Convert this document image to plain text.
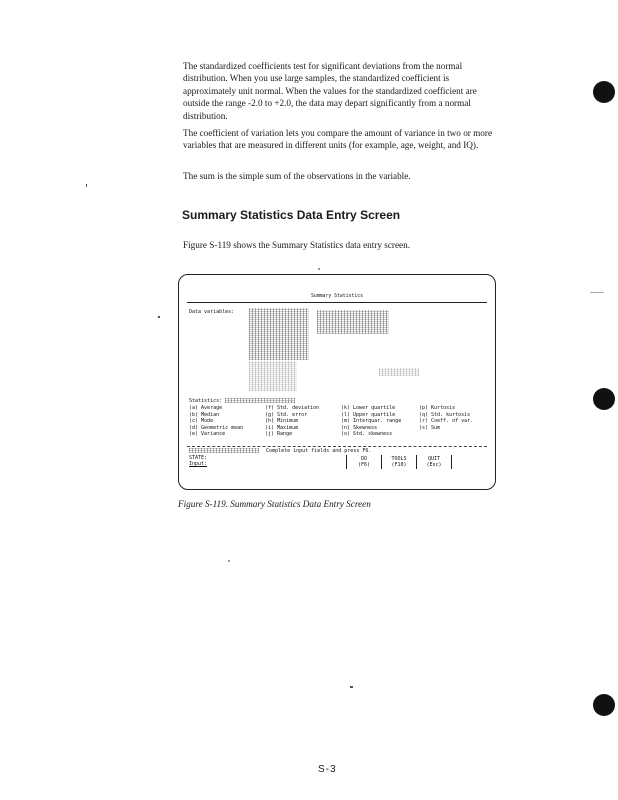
The standardized coefficients test for significant deviations from the normal distribution. When you use large samples, the standardized coefficient is approximately unit normal. When the values for the standardized coefficient are outside the range -2.0 to +2.0, the data may depart significantly from a normal distribution.

The coefficient of variation lets you compare the amount of variance in two or more variables that are measured in different units (for example, age, weight, and IQ).

The sum is the simple sum of the observations in the variable.

Summary Statistics Data Entry Screen

Figure S-119 shows the Summary Statistics data entry screen.

Summary Statistics
Data variables:
Statistics:
(a) Average	(f) Std. deviation	(k) Lower quartile	(p) Kurtosis
(b) Median	(g) Std. error	(l) Upper quartile	(q) Std. kurtosis
(c) Mode	(h) Minimum	(m) Interquar. range	(r) Coeff. of var.
(d) Geometric mean	(i) Maximum	(n) Skewness	(s) Sum
(e) Variance	(j) Range	(o) Std. skewness
Complete input fields and press F6.
STATE:
Input:
DO
(F6)
TOOLS
(F10)
QUIT
(Esc)

Figure S-119. Summary Statistics Data Entry Screen

S-3
